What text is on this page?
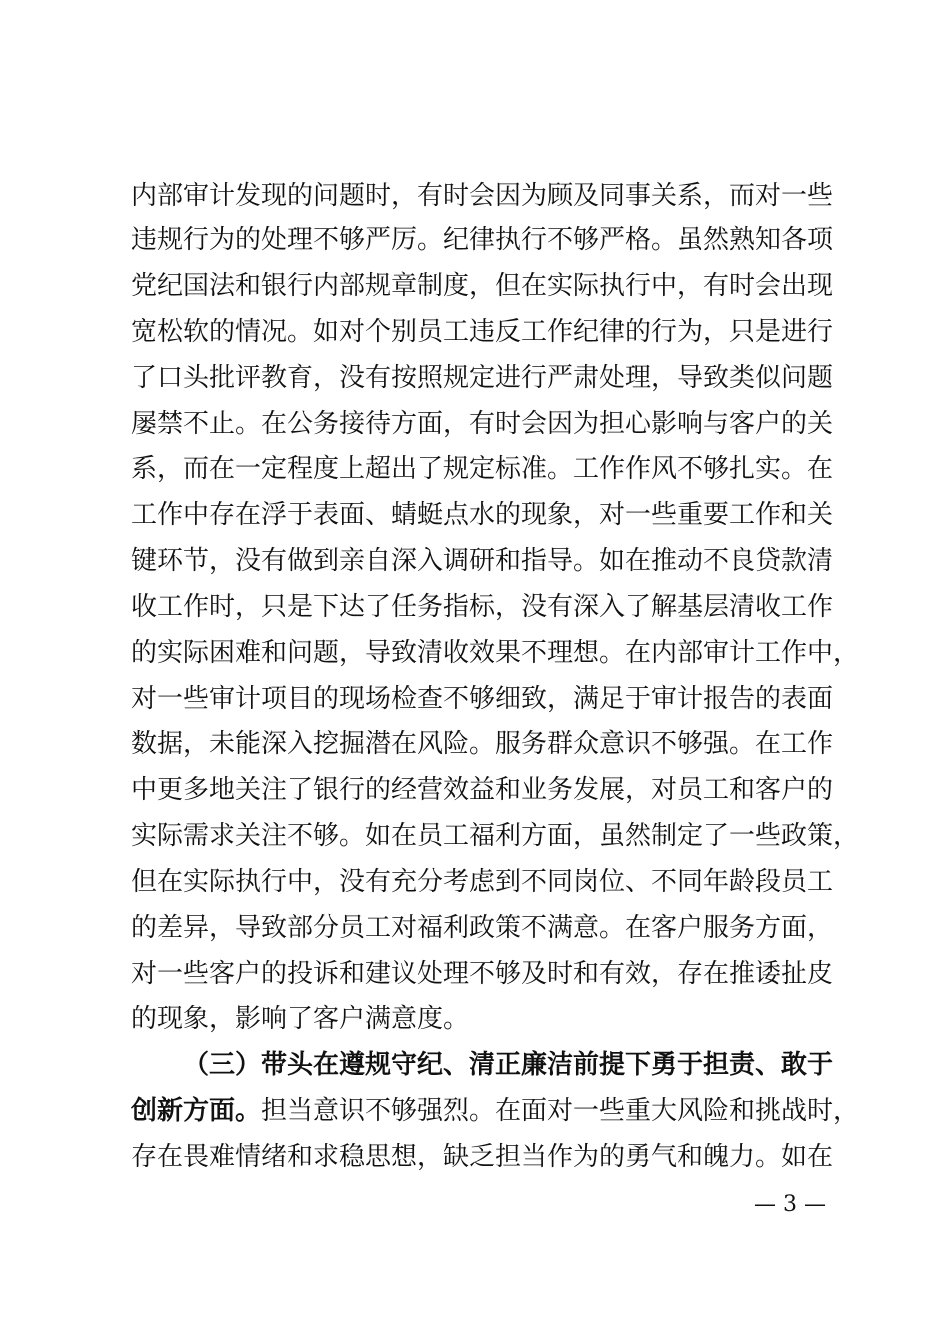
内部审计发现的问题时，有时会因为顾及同事关系，而对一些
违规行为的处理不够严厉。纪律执行不够严格。虽然熟知各项
党纪国法和银行内部规章制度，但在实际执行中，有时会出现
宽松软的情况。如对个别员工违反工作纪律的行为，只是进行
了口头批评教育，没有按照规定进行严肃处理，导致类似问题
屡禁不止。在公务接待方面，有时会因为担心影响与客户的关
系，而在一定程度上超出了规定标准。工作作风不够扎实。在
工作中存在浮于表面、蜻蜓点水的现象，对一些重要工作和关
键环节，没有做到亲自深入调研和指导。如在推动不良贷款清
收工作时，只是下达了任务指标，没有深入了解基层清收工作
的实际困难和问题，导致清收效果不理想。在内部审计工作中，
对一些审计项目的现场检查不够细致，满足于审计报告的表面
数据，未能深入挖掘潜在风险。服务群众意识不够强。在工作
中更多地关注了银行的经营效益和业务发展，对员工和客户的
实际需求关注不够。如在员工福利方面，虽然制定了一些政策，
但在实际执行中，没有充分考虑到不同岗位、不同年龄段员工
的差异，导致部分员工对福利政策不满意。在客户服务方面，
对一些客户的投诉和建议处理不够及时和有效，存在推诿扯皮
的现象，影响了客户满意度。
（三）带头在遵规守纪、清正廉洁前提下勇于担责、敢于
创新方面。担当意识不够强烈。在面对一些重大风险和挑战时，
存在畏难情绪和求稳思想，缺乏担当作为的勇气和魄力。如在
— 3 —
